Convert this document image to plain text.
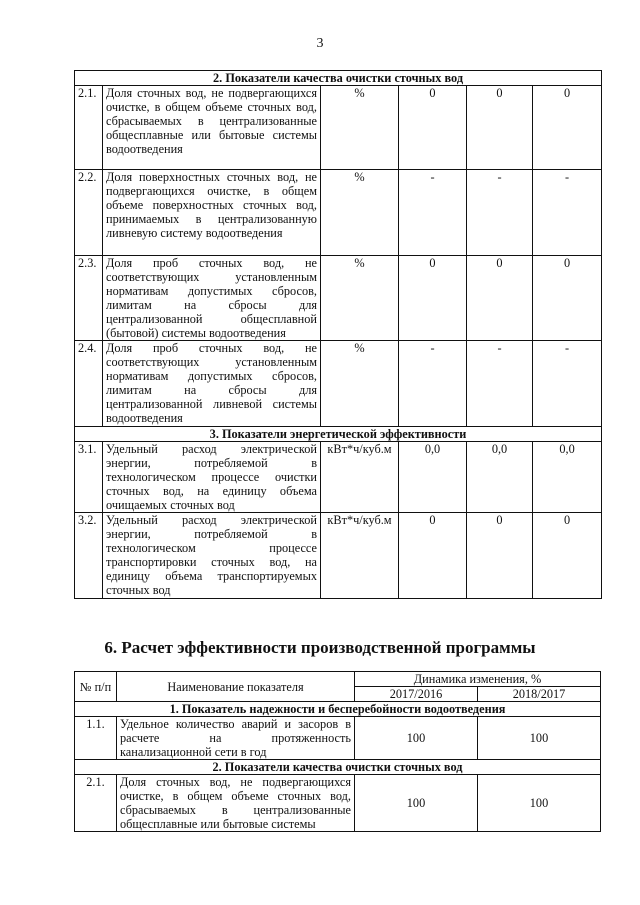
3
2. Показатели качества очистки сточных вод					
2.1.	Доля сточных вод, не подвергающихся очистке, в общем объеме сточных вод, сбрасываемых в централизованные общесплавные или бытовые системы водоотведения	%	0	0	0
2.2.	Доля поверхностных сточных вод, не подвергающихся очистке, в общем объеме поверхностных сточных вод, принимаемых в централизованную ливневую систему водоотведения	%	-	-	-
2.3.	Доля проб сточных вод, не соответствующих установленным нормативам допустимых сбросов, лимитам на сбросы для централизованной общесплавной (бытовой) системы водоотведения	%	0	0	0
2.4.	Доля проб сточных вод, не соответствующих установленным нормативам допустимых сбросов, лимитам на сбросы для централизованной ливневой системы водоотведения	%	-	-	-
3. Показатели энергетической эффективности					
3.1.	Удельный расход электрической энергии, потребляемой в технологическом процессе очистки сточных вод, на единицу объема очищаемых сточных вод	кВт*ч/куб.м	0,0	0,0	0,0
3.2.	Удельный расход электрической энергии, потребляемой в технологическом процессе транспортировки сточных вод, на единицу объема транспортируемых сточных вод	кВт*ч/куб.м	0	0	0
6. Расчет эффективности производственной программы
№ п/п	Наименование показателя	Динамика изменения, %	
		2017/2016	2018/2017
1. Показатель надежности и бесперебойности водоотведения			
1.1.	Удельное количество аварий и засоров в расчете на протяженность канализационной сети в год	100	100
2. Показатели качества очистки сточных вод			
2.1.	Доля сточных вод, не подвергающихся очистке, в общем объеме сточных вод, сбрасываемых в централизованные общесплавные или бытовые системы	100	100
